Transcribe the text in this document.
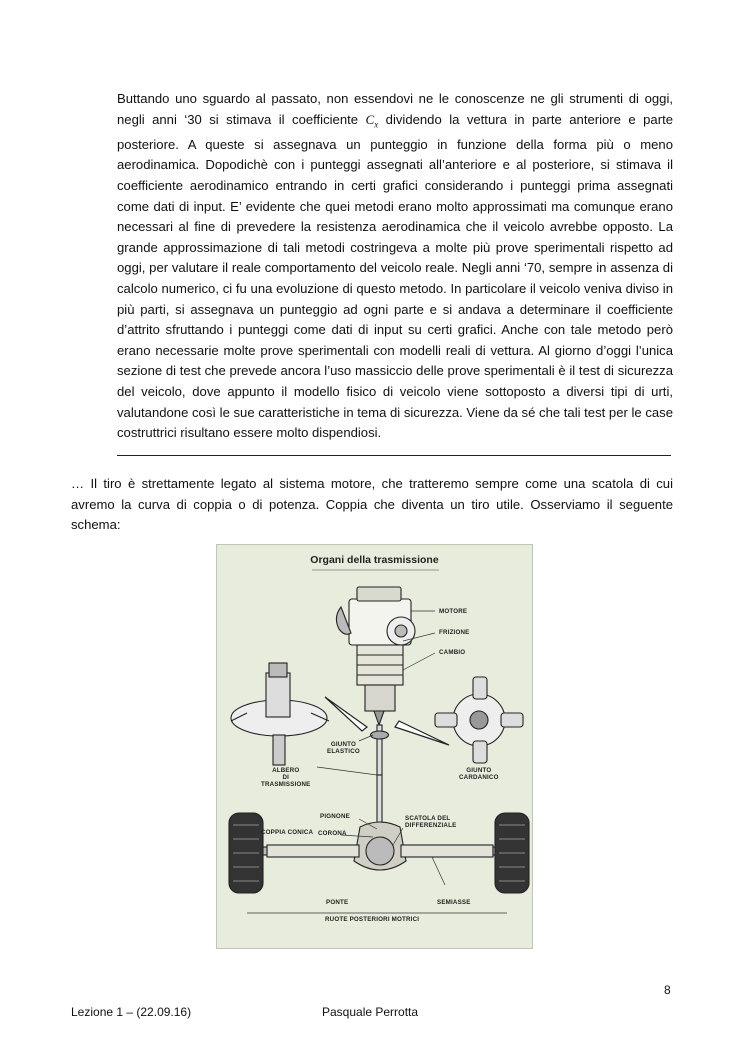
Buttando uno sguardo al passato, non essendovi ne le conoscenze ne gli strumenti di oggi, negli anni ‘30 si stimava il coefficiente $C_x$ dividendo la vettura in parte anteriore e parte posteriore. A queste si assegnava un punteggio in funzione della forma più o meno aerodinamica. Dopodichè con i punteggi assegnati all’anteriore e al posteriore, si stimava il coefficiente aerodinamico entrando in certi grafici considerando i punteggi prima assegnati come dati di input. E’ evidente che quei metodi erano molto approssimati ma comunque erano necessari al fine di prevedere la resistenza aerodinamica che il veicolo avrebbe opposto. La grande approssimazione di tali metodi costringeva a molte più prove sperimentali rispetto ad oggi, per valutare il reale comportamento del veicolo reale. Negli anni ‘70, sempre in assenza di calcolo numerico, ci fu una evoluzione di questo metodo. In particolare il veicolo veniva diviso in più parti, si assegnava un punteggio ad ogni parte e si andava a determinare il coefficiente d’attrito sfruttando i punteggi come dati di input su certi grafici. Anche con tale metodo però erano necessarie molte prove sperimentali con modelli reali di vettura. Al giorno d’oggi l’unica sezione di test che prevede ancora l’uso massiccio delle prove sperimentali è il test di sicurezza del veicolo, dove appunto il modello fisico di veicolo viene sottoposto a diversi tipi di urti, valutandone così le sue caratteristiche in tema di sicurezza. Viene da sé che tali test per le case costruttrici risultano essere molto dispendiosi.
… Il tiro è strettamente legato al sistema motore, che tratteremo sempre come una scatola di cui avremo la curva di coppia o di potenza. Coppia che diventa un tiro utile. Osserviamo il seguente schema:
Organi della trasmissione
MOTORE
FRIZIONE
CAMBIO
GIUNTO
ELASTICO
ALBERO
DI
TRASMISSIONE
GIUNTO
CARDANICO
PIGNONE
COPPIA CONICA CORONA
SCATOLA DEL
DIFFERENZIALE
PONTE	SEMIASSE
RUOTE POSTERIORI MOTRICI
8
Lezione 1 – (22.09.16)	Pasquale Perrotta
